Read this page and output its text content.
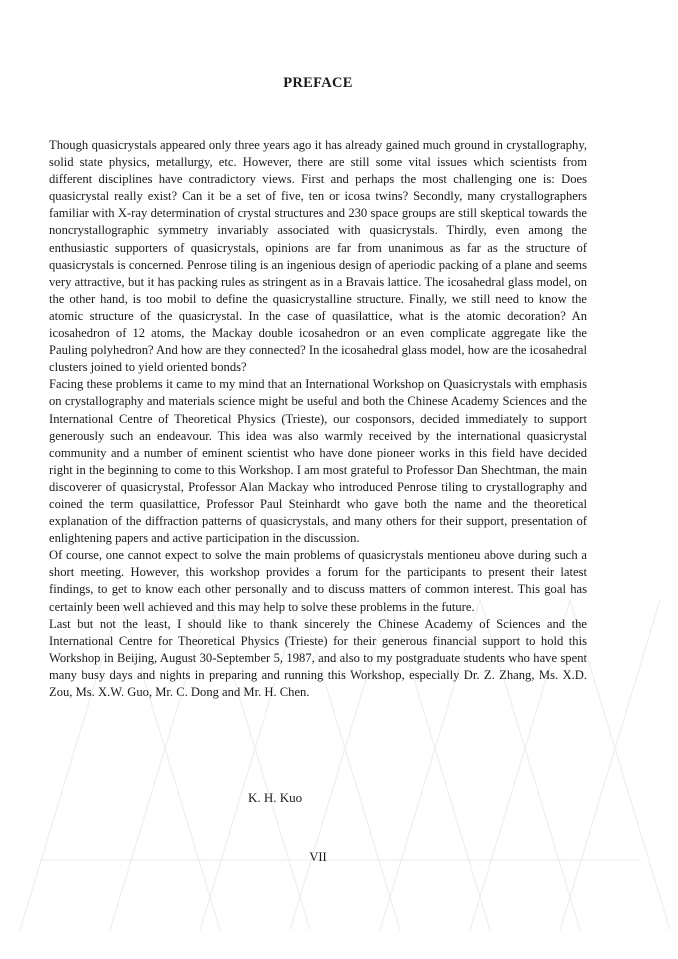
PREFACE

Though quasicrystals appeared only three years ago it has already gained much ground in crystallography, solid state physics, metallurgy, etc. However, there are still some vital issues which scientists from different disciplines have contradictory views. First and perhaps the most challenging one is: Does quasicrystal really exist? Can it be a set of five, ten or icosa twins? Secondly, many crystallographers familiar with X-ray determination of crystal structures and 230 space groups are still skeptical towards the noncrystallographic symmetry invariably associated with quasicrystals. Thirdly, even among the enthusiastic supporters of quasicrystals, opinions are far from unanimous as far as the structure of quasicrystals is concerned. Penrose tiling is an ingenious design of aperiodic packing of a plane and seems very attractive, but it has packing rules as stringent as in a Bravais lattice. The icosahedral glass model, on the other hand, is too mobil to define the quasicrystalline structure. Finally, we still need to know the atomic structure of the quasicrystal. In the case of quasilattice, what is the atomic decoration? An icosahedron of 12 atoms, the Mackay double icosahedron or an even complicate aggregate like the Pauling polyhedron? And how are they connected? In the icosahedral glass model, how are the icosahedral clusters joined to yield oriented bonds?

Facing these problems it came to my mind that an International Workshop on Quasicrystals with emphasis on crystallography and materials science might be useful and both the Chinese Academy Sciences and the International Centre of Theoretical Physics (Trieste), our cosponsors, decided immediately to support generously such an endeavour. This idea was also warmly received by the international quasicrystal community and a number of eminent scientist who have done pioneer works in this field have decided right in the beginning to come to this Workshop. I am most grateful to Professor Dan Shechtman, the main discoverer of quasicrystal, Professor Alan Mackay who introduced Penrose tiling to crystallography and coined the term quasilattice, Professor Paul Steinhardt who gave both the name and the theoretical explanation of the diffraction patterns of quasicrystals, and many others for their support, presentation of enlightening papers and active participation in the discussion.

Of course, one cannot expect to solve the main problems of quasicrystals mentioneu above during such a short meeting. However, this workshop provides a forum for the participants to present their latest findings, to get to know each other personally and to discuss matters of common interest. This goal has certainly been well achieved and this may help to solve these problems in the future.

Last but not the least, I should like to thank sincerely the Chinese Academy of Sciences and the International Centre for Theoretical Physics (Trieste) for their generous financial support to hold this Workshop in Beijing, August 30-September 5, 1987, and also to my postgraduate students who have spent many busy days and nights in preparing and running this Workshop, especially Dr. Z. Zhang, Ms. X.D. Zou, Ms. X.W. Guo, Mr. C. Dong and Mr. H. Chen.

K. H. Kuo
VII
